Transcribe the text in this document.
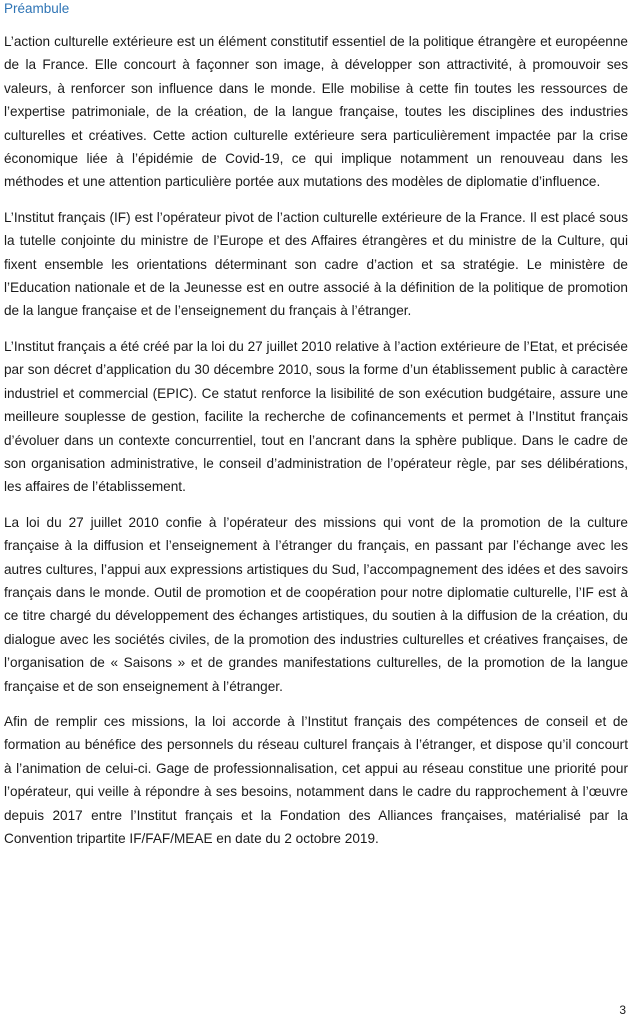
Préambule

L’action culturelle extérieure est un élément constitutif essentiel de la politique étrangère et européenne de la France. Elle concourt à façonner son image, à développer son attractivité, à promouvoir ses valeurs, à renforcer son influence dans le monde. Elle mobilise à cette fin toutes les ressources de l’expertise patrimoniale, de la création, de la langue française, toutes les disciplines des industries culturelles et créatives. Cette action culturelle extérieure sera particulièrement impactée par la crise économique liée à l’épidémie de Covid-19, ce qui implique notamment un renouveau dans les méthodes et une attention particulière portée aux mutations des modèles de diplomatie d’influence.

L’Institut français (IF) est l’opérateur pivot de l’action culturelle extérieure de la France. Il est placé sous la tutelle conjointe du ministre de l’Europe et des Affaires étrangères et du ministre de la Culture, qui fixent ensemble les orientations déterminant son cadre d’action et sa stratégie. Le ministère de l’Education nationale et de la Jeunesse est en outre associé à la définition de la politique de promotion de la langue française et de l’enseignement du français à l’étranger.

L’Institut français a été créé par la loi du 27 juillet 2010 relative à l’action extérieure de l’Etat, et précisée par son décret d’application du 30 décembre 2010, sous la forme d’un établissement public à caractère industriel et commercial (EPIC). Ce statut renforce la lisibilité de son exécution budgétaire, assure une meilleure souplesse de gestion, facilite la recherche de cofinancements et permet à l’Institut français d’évoluer dans un contexte concurrentiel, tout en l’ancrant dans la sphère publique. Dans le cadre de son organisation administrative, le conseil d’administration de l’opérateur règle, par ses délibérations, les affaires de l’établissement.

La loi du 27 juillet 2010 confie à l’opérateur des missions qui vont de la promotion de la culture française à la diffusion et l’enseignement à l’étranger du français, en passant par l’échange avec les autres cultures, l’appui aux expressions artistiques du Sud, l’accompagnement des idées et des savoirs français dans le monde. Outil de promotion et de coopération pour notre diplomatie culturelle, l’IF est à ce titre chargé du développement des échanges artistiques, du soutien à la diffusion de la création, du dialogue avec les sociétés civiles, de la promotion des industries culturelles et créatives françaises, de l’organisation de « Saisons » et de grandes manifestations culturelles, de la promotion de la langue française et de son enseignement à l’étranger.

Afin de remplir ces missions, la loi accorde à l’Institut français des compétences de conseil et de formation au bénéfice des personnels du réseau culturel français à l’étranger, et dispose qu’il concourt à l’animation de celui-ci. Gage de professionnalisation, cet appui au réseau constitue une priorité pour l’opérateur, qui veille à répondre à ses besoins, notamment dans le cadre du rapprochement à l’œuvre depuis 2017 entre l’Institut français et la Fondation des Alliances françaises, matérialisé par la Convention tripartite IF/FAF/MEAE en date du 2 octobre 2019.

3
